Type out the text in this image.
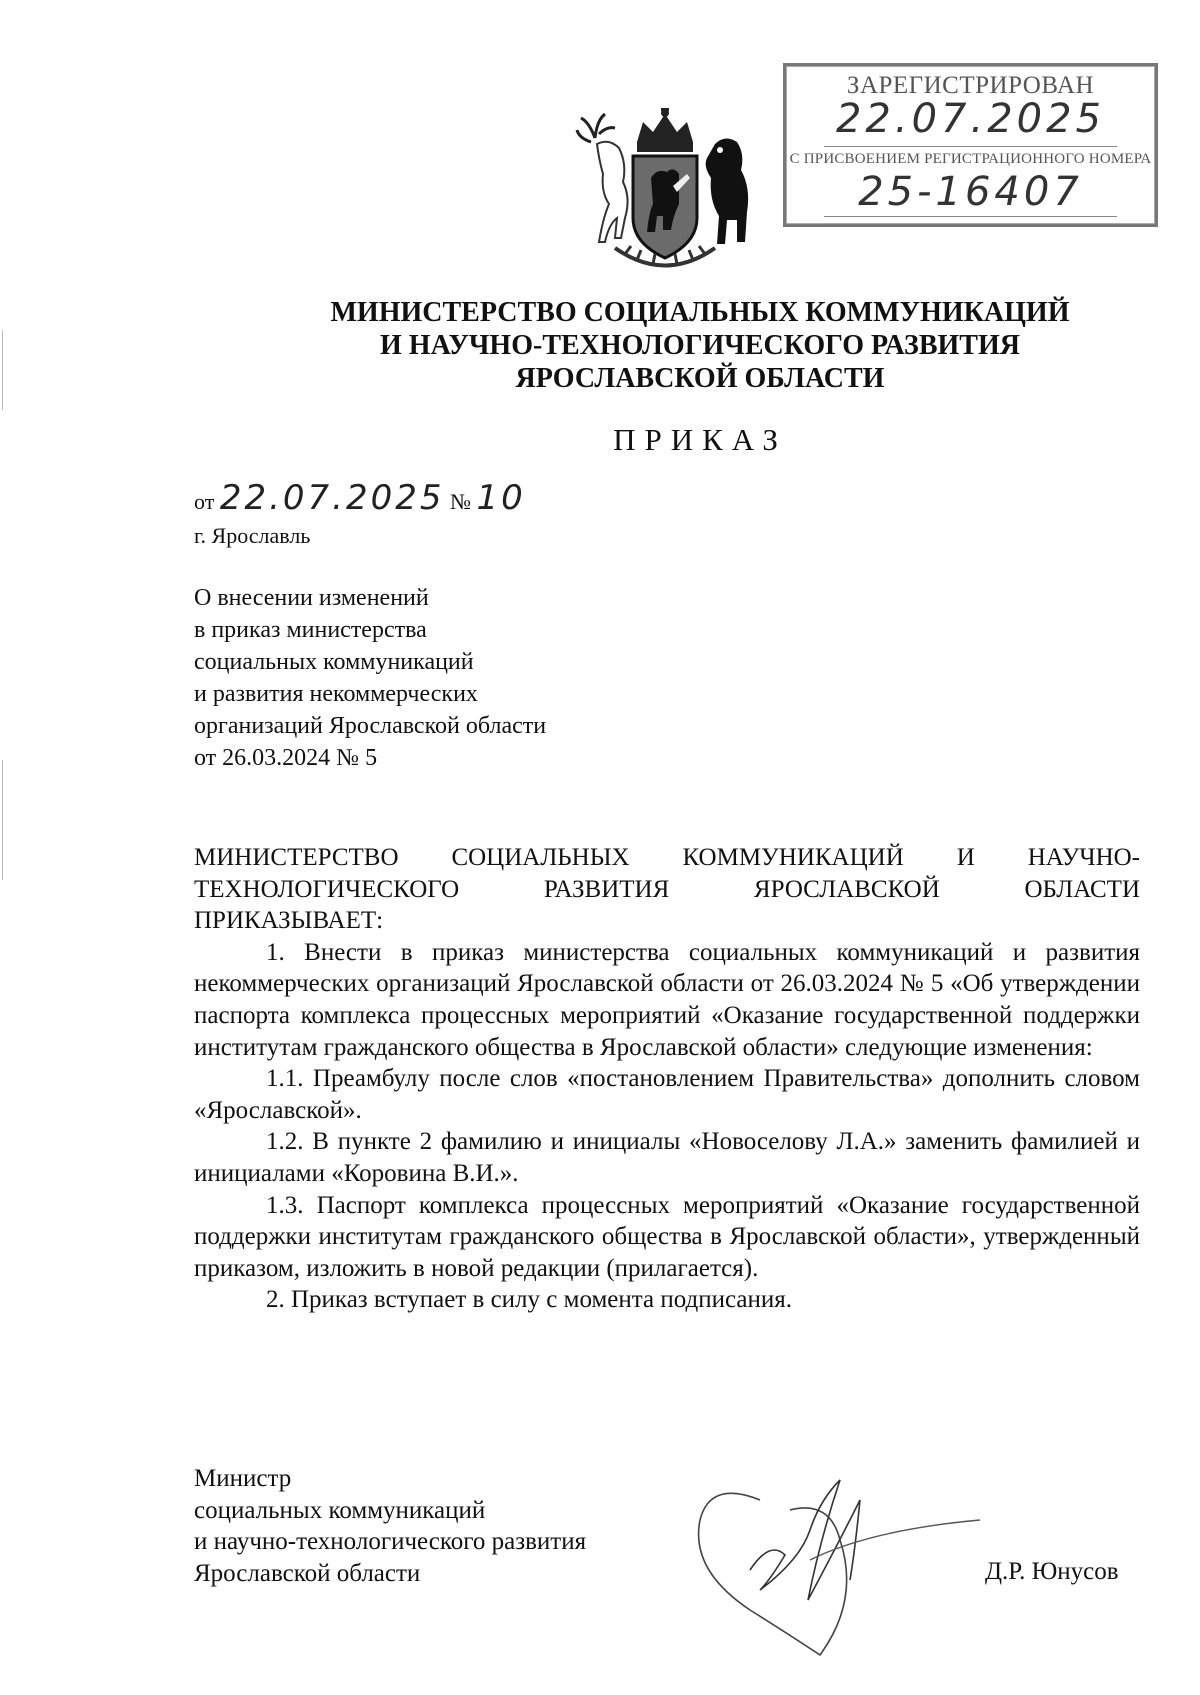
ЗАРЕГИСТРИРОВАН
22.07.2025
С ПРИСВОЕНИЕМ РЕГИСТРАЦИОННОГО НОМЕРА
25-16407
МИНИСТЕРСТВО СОЦИАЛЬНЫХ КОММУНИКАЦИЙ
И НАУЧНО-ТЕХНОЛОГИЧЕСКОГО РАЗВИТИЯ
ЯРОСЛАВСКОЙ ОБЛАСТИ
ПРИКАЗ
от 22.07.2025 № 10
г. Ярославль
О внесении изменений
в приказ министерства
социальных коммуникаций
и развития некоммерческих
организаций Ярославской области
от 26.03.2024 № 5

МИНИСТЕРСТВО СОЦИАЛЬНЫХ КОММУНИКАЦИЙ И НАУЧНО-

ТЕХНОЛОГИЧЕСКОГО РАЗВИТИЯ ЯРОСЛАВСКОЙ ОБЛАСТИ

ПРИКАЗЫВАЕТ:

1. Внести в приказ министерства социальных коммуникаций и развития некоммерческих организаций Ярославской области от 26.03.2024 № 5 «Об утверждении паспорта комплекса процессных мероприятий «Оказание государственной поддержки институтам гражданского общества в Ярославской области» следующие изменения:

1.1. Преамбулу после слов «постановлением Правительства» дополнить словом «Ярославской».

1.2. В пункте 2 фамилию и инициалы «Новоселову Л.А.» заменить фамилией и инициалами «Коровина В.И.».

1.3. Паспорт комплекса процессных мероприятий «Оказание государственной поддержки институтам гражданского общества в Ярославской области», утвержденный приказом, изложить в новой редакции (прилагается).

2. Приказ вступает в силу с момента подписания.

Министр
социальных коммуникаций
и научно-технологического развития
Ярославской области	Д.Р. Юнусов
